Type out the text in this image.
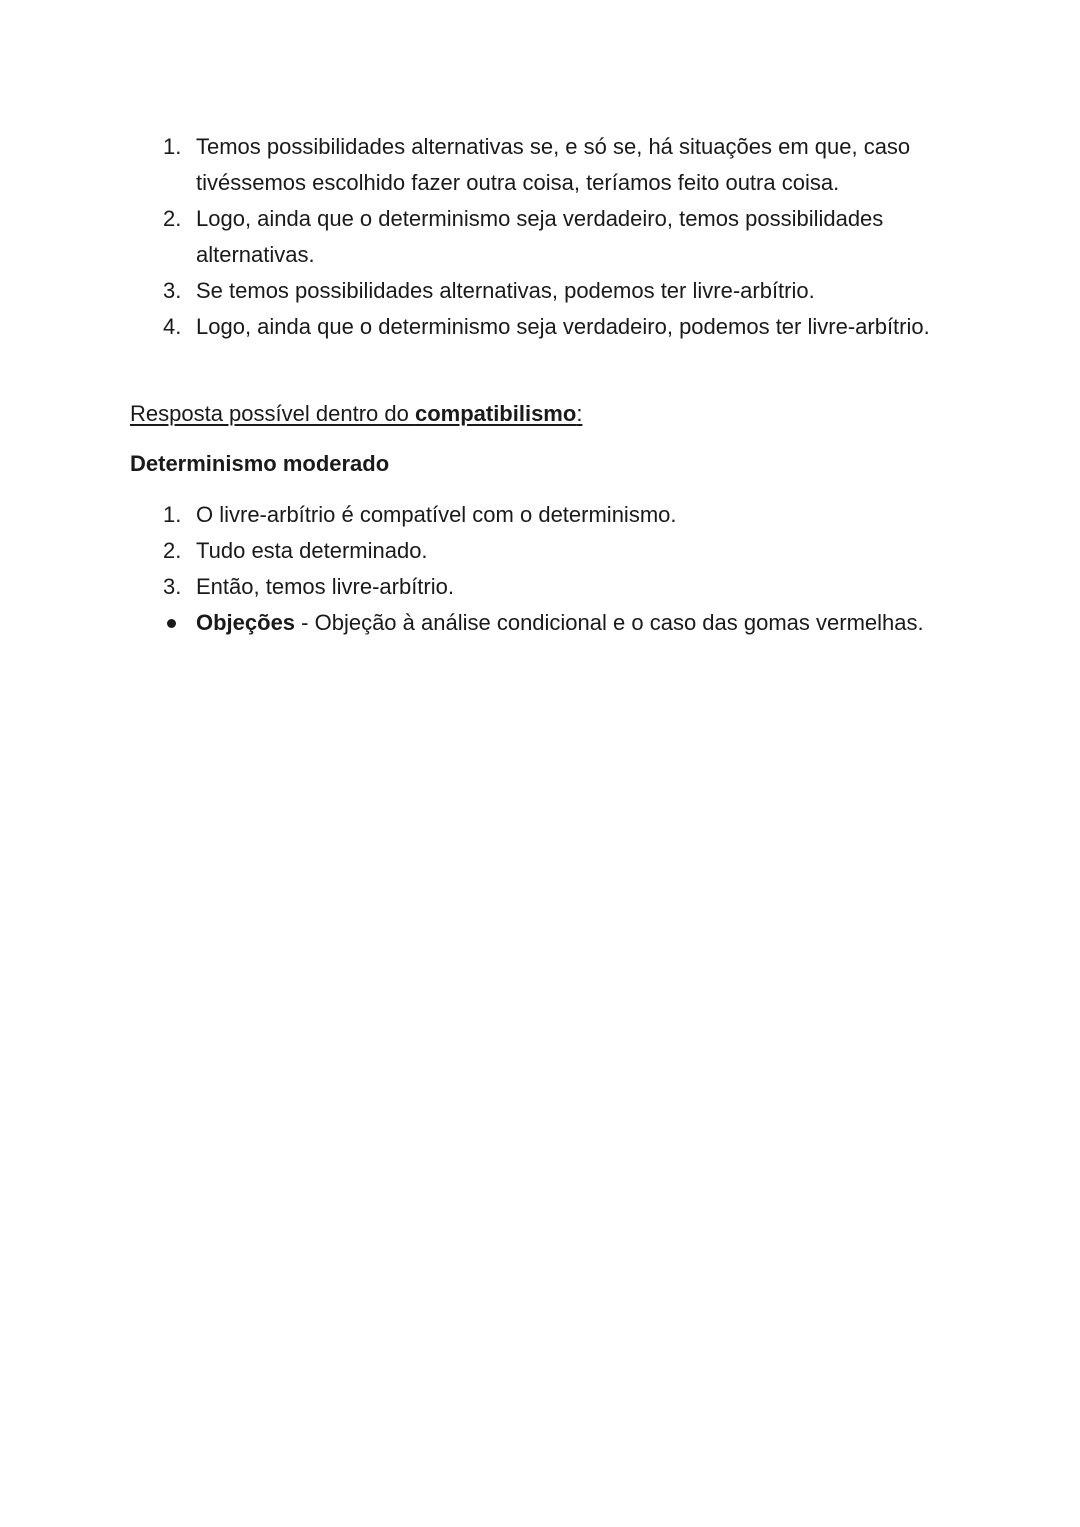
1. Temos possibilidades alternativas se, e só se, há situações em que, caso tivéssemos escolhido fazer outra coisa, teríamos feito outra coisa.
2. Logo, ainda que o determinismo seja verdadeiro, temos possibilidades alternativas.
3. Se temos possibilidades alternativas, podemos ter livre-arbítrio.
4. Logo, ainda que o determinismo seja verdadeiro, podemos ter livre-arbítrio.
Resposta possível dentro do compatibilismo:
Determinismo moderado
1. O livre-arbítrio é compatível com o determinismo.
2. Tudo esta determinado.
3. Então, temos livre-arbítrio.
Objeções - Objeção à análise condicional e o caso das gomas vermelhas.
